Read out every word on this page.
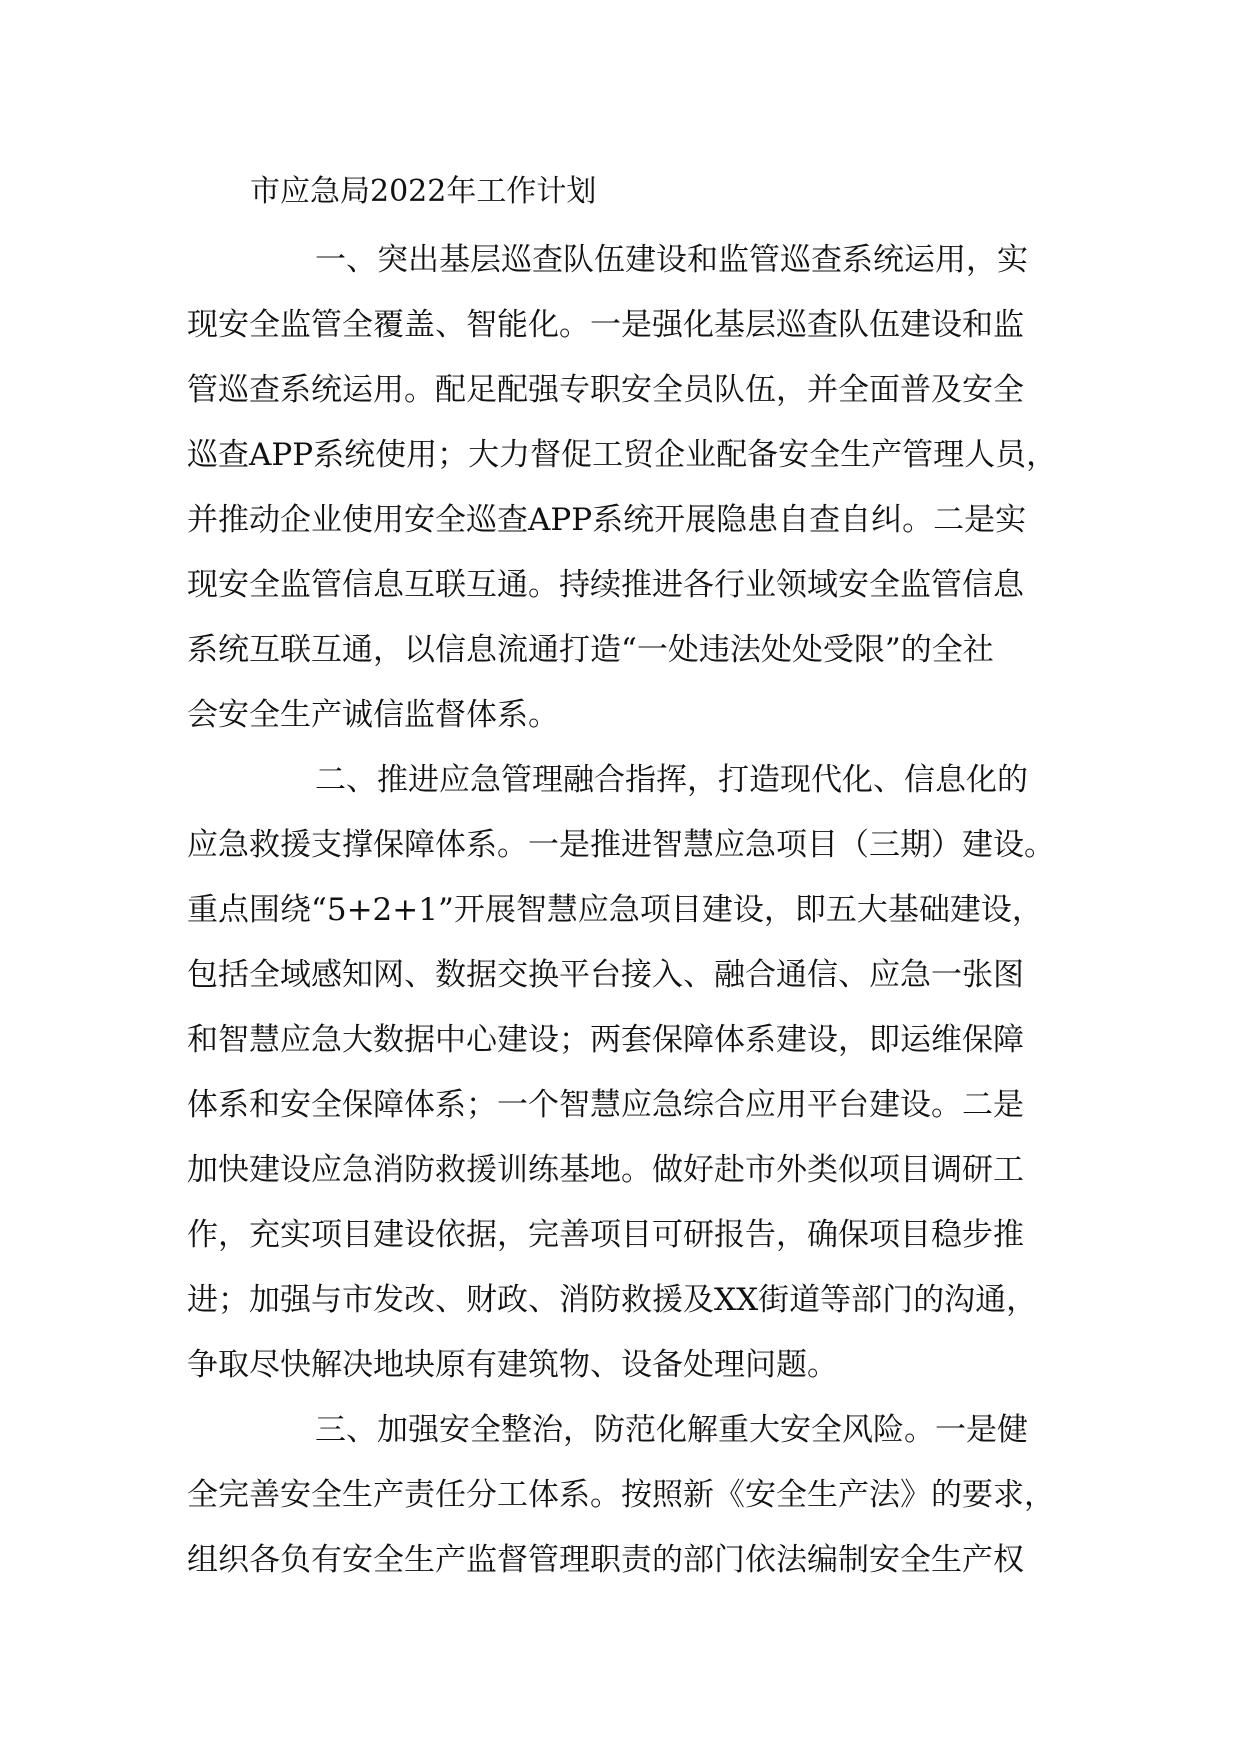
市应急局2022年工作计划

一、突出基层巡查队伍建设和监管巡查系统运用，实

现安全监管全覆盖、智能化。一是强化基层巡查队伍建设和监

管巡查系统运用。配足配强专职安全员队伍，并全面普及安全

巡查APP系统使用；大力督促工贸企业配备安全生产管理人员，

并推动企业使用安全巡查APP系统开展隐患自查自纠。二是实

现安全监管信息互联互通。持续推进各行业领域安全监管信息

系统互联互通，以信息流通打造“一处违法处处受限”的全社

会安全生产诚信监督体系。

二、推进应急管理融合指挥，打造现代化、信息化的

应急救援支撑保障体系。一是推进智慧应急项目（三期）建设。

重点围绕“5+2+1”开展智慧应急项目建设，即五大基础建设，

包括全域感知网、数据交换平台接入、融合通信、应急一张图

和智慧应急大数据中心建设；两套保障体系建设，即运维保障

体系和安全保障体系；一个智慧应急综合应用平台建设。二是

加快建设应急消防救援训练基地。做好赴市外类似项目调研工

作，充实项目建设依据，完善项目可研报告，确保项目稳步推

进；加强与市发改、财政、消防救援及XX街道等部门的沟通，

争取尽快解决地块原有建筑物、设备处理问题。

三、加强安全整治，防范化解重大安全风险。一是健

全完善安全生产责任分工体系。按照新《安全生产法》的要求，

组织各负有安全生产监督管理职责的部门依法编制安全生产权
